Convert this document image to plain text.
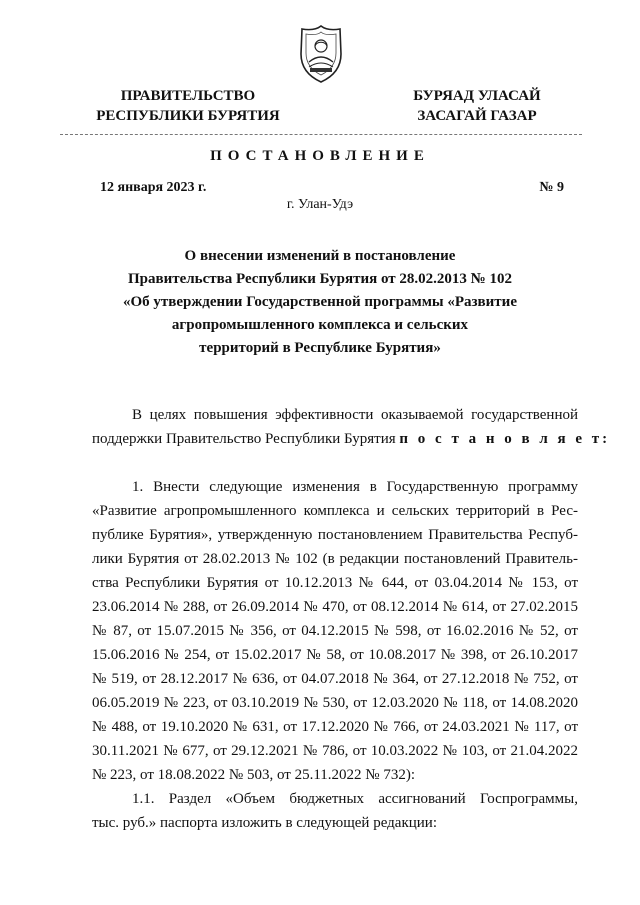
ПРАВИТЕЛЬСТВО
РЕСПУБЛИКИ БУРЯТИЯ
БУРЯАД УЛАСАЙ
ЗАСАГАЙ ГАЗАР
ПОСТАНОВЛЕНИЕ
12 января 2023 г.	№ 9
г. Улан-Удэ
О внесении изменений в постановление
Правительства Республики Бурятия от 28.02.2013 № 102
«Об утверждении Государственной программы «Развитие
агропромышленного комплекса и сельских
территорий в Республике Бурятия»
В целях повышения эффективности оказываемой государственной
поддержки Правительство Республики Бурятия п о с т а н о в л я е т:
1. Внести следующие изменения в Государственную программу
«Развитие агропромышленного комплекса и сельских территорий в Рес-
публике Бурятия», утвержденную постановлением Правительства Респуб-
лики Бурятия от 28.02.2013 № 102 (в редакции постановлений Правитель-
ства Республики Бурятия от 10.12.2013 № 644, от 03.04.2014 № 153, от
23.06.2014 № 288, от 26.09.2014 № 470, от 08.12.2014 № 614, от 27.02.2015
№ 87, от 15.07.2015 № 356, от 04.12.2015 № 598, от 16.02.2016 № 52, от
15.06.2016 № 254, от 15.02.2017 № 58, от 10.08.2017 № 398, от 26.10.2017
№ 519, от 28.12.2017 № 636, от 04.07.2018 № 364, от 27.12.2018 № 752, от
06.05.2019 № 223, от 03.10.2019 № 530, от 12.03.2020 № 118, от 14.08.2020
№ 488, от 19.10.2020 № 631, от 17.12.2020 № 766, от 24.03.2021 № 117, от
30.11.2021 № 677, от 29.12.2021 № 786, от 10.03.2022 № 103, от 21.04.2022
№ 223, от 18.08.2022 № 503, от 25.11.2022 № 732):
1.1. Раздел «Объем бюджетных ассигнований Госпрограммы,
тыс. руб.» паспорта изложить в следующей редакции:
